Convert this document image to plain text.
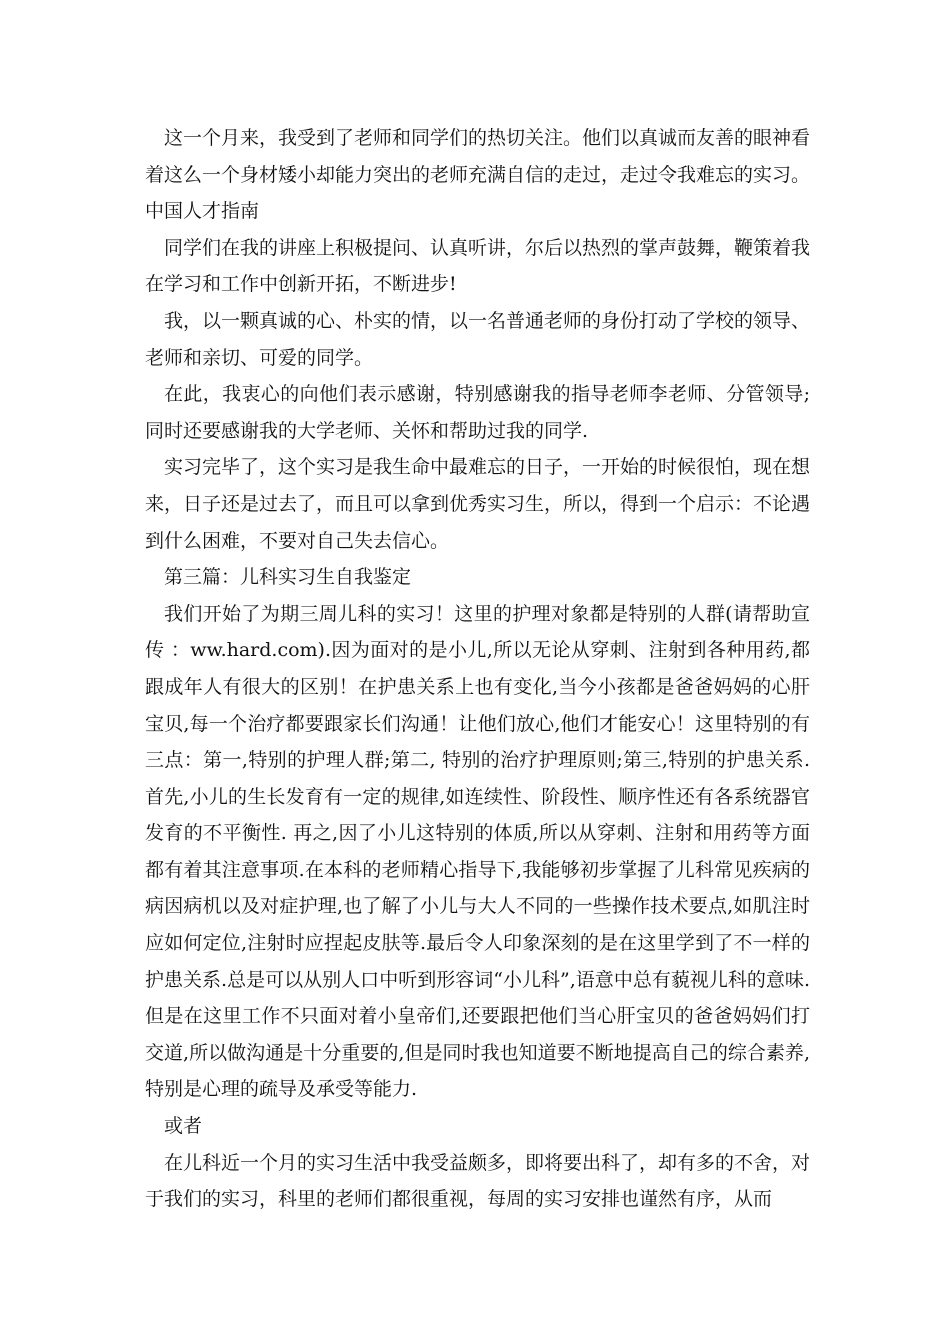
这一个月来，我受到了老师和同学们的热切关注。他们以真诚而友善的眼神看着这么一个身材矮小却能力突出的老师充满自信的走过，走过令我难忘的实习。中国人才指南

同学们在我的讲座上积极提问、认真听讲，尔后以热烈的掌声鼓舞，鞭策着我在学习和工作中创新开拓，不断进步!

我，以一颗真诚的心、朴实的情，以一名普通老师的身份打动了学校的领导、老师和亲切、可爱的同学。

在此，我衷心的向他们表示感谢，特别感谢我的指导老师李老师、分管领导;同时还要感谢我的大学老师、关怀和帮助过我的同学.

实习完毕了，这个实习是我生命中最难忘的日子，一开始的时候很怕，现在想来，日子还是过去了，而且可以拿到优秀实习生，所以，得到一个启示：不论遇到什么困难，不要对自己失去信心。

第三篇：儿科实习生自我鉴定

我们开始了为期三周儿科的实习！这里的护理对象都是特别的人群(请帮助宣传 ：ww.hard.com).因为面对的是小儿,所以无论从穿刺、注射到各种用药,都跟成年人有很大的区别！在护患关系上也有变化,当今小孩都是爸爸妈妈的心肝宝贝,每一个治疗都要跟家长们沟通！让他们放心,他们才能安心！这里特别的有三点：第一,特别的护理人群;第二, 特别的治疗护理原则;第三,特别的护患关系.首先,小儿的生长发育有一定的规律,如连续性、阶段性、顺序性还有各系统器官发育的不平衡性. 再之,因了小儿这特别的体质,所以从穿刺、注射和用药等方面都有着其注意事项.在本科的老师精心指导下,我能够初步掌握了儿科常见疾病的病因病机以及对症护理,也了解了小儿与大人不同的一些操作技术要点,如肌注时应如何定位,注射时应捏起皮肤等.最后令人印象深刻的是在这里学到了不一样的护患关系.总是可以从别人口中听到形容词“小儿科”,语意中总有藐视儿科的意味.但是在这里工作不只面对着小皇帝们,还要跟把他们当心肝宝贝的爸爸妈妈们打交道,所以做沟通是十分重要的,但是同时我也知道要不断地提高自己的综合素养,特别是心理的疏导及承受等能力.

或者

在儿科近一个月的实习生活中我受益颇多，即将要出科了，却有多的不舍，对于我们的实习，科里的老师们都很重视，每周的实习安排也谨然有序，从而
